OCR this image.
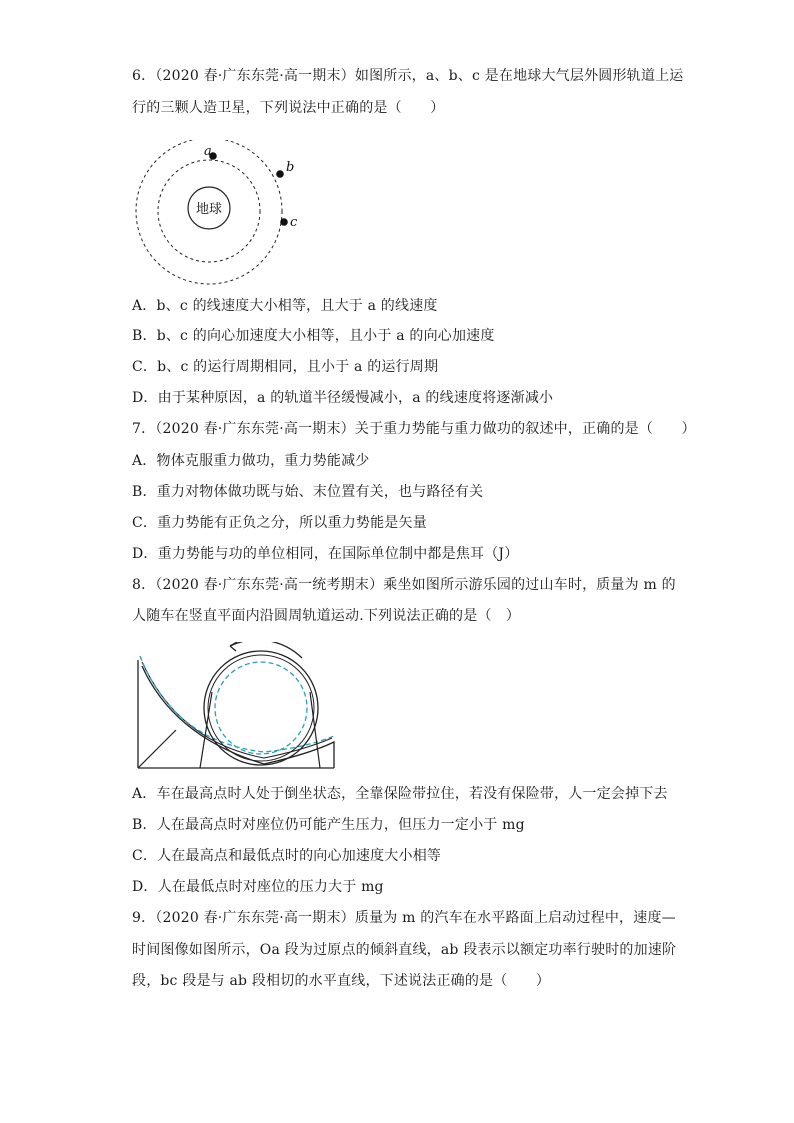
6．（2020 春·广东东莞·高一期末）如图所示，a、b、c 是在地球大气层外圆形轨道上运
行的三颗人造卫星，下列说法中正确的是（　　）
地球
a
b
c
A．b、c 的线速度大小相等，且大于 a 的线速度
B．b、c 的向心加速度大小相等，且小于 a 的向心加速度
C．b、c 的运行周期相同，且小于 a 的运行周期
D．由于某种原因，a 的轨道半径缓慢减小，a 的线速度将逐渐减小
7．（2020 春·广东东莞·高一期末）关于重力势能与重力做功的叙述中，正确的是（　　）
A．物体克服重力做功，重力势能减少
B．重力对物体做功既与始、末位置有关，也与路径有关
C．重力势能有正负之分，所以重力势能是矢量
D．重力势能与功的单位相同，在国际单位制中都是焦耳（J）
8．（2020 春·广东东莞·高一统考期末）乘坐如图所示游乐园的过山车时，质量为 m 的
人随车在竖直平面内沿圆周轨道运动.下列说法正确的是（　）
A．车在最高点时人处于倒坐状态，全靠保险带拉住，若没有保险带，人一定会掉下去
B．人在最高点时对座位仍可能产生压力，但压力一定小于 mg
C．人在最高点和最低点时的向心加速度大小相等
D．人在最低点时对座位的压力大于 mg
9．（2020 春·广东东莞·高一期末）质量为 m 的汽车在水平路面上启动过程中，速度—
时间图像如图所示，Oa 段为过原点的倾斜直线，ab 段表示以额定功率行驶时的加速阶
段，bc 段是与 ab 段相切的水平直线，下述说法正确的是（　　）
